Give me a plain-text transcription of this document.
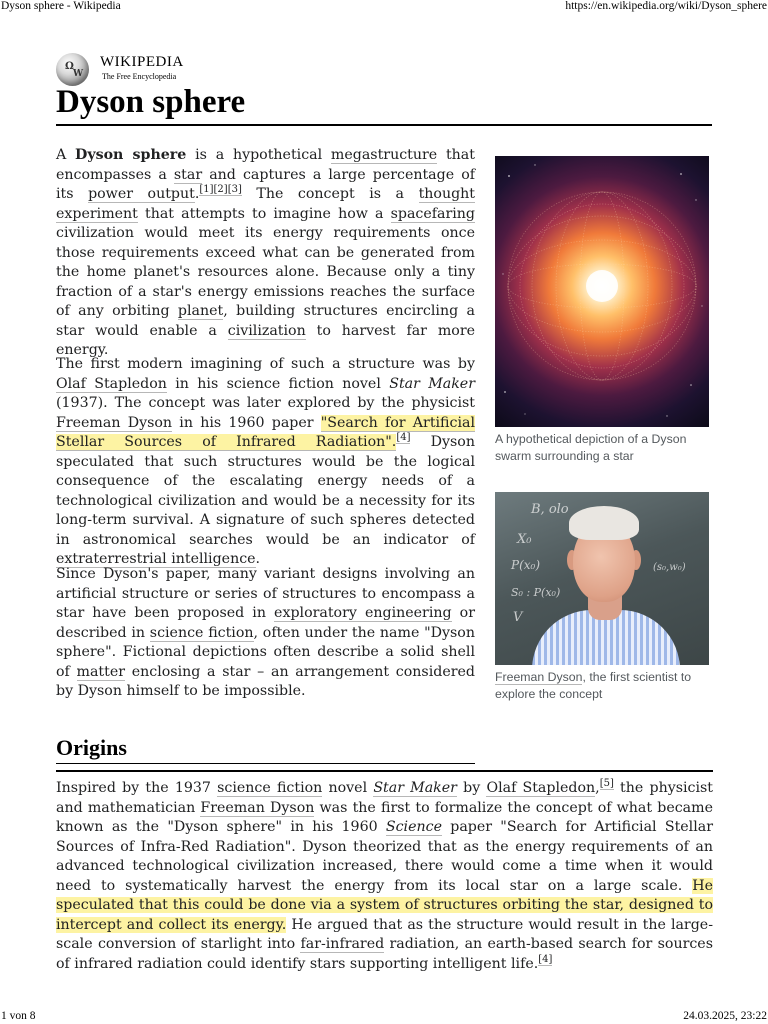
Dyson sphere - Wikipedia	https://en.wikipedia.org/wiki/Dyson_sphere
Ω
W
WIKIPEDIA
The Free Encyclopedia
Dyson sphere

A Dyson sphere is a hypothetical megastructure that encompasses a star and captures a large percentage of its power output.[1][2][3] The concept is a thought experiment that attempts to imagine how a spacefaring civilization would meet its energy requirements once those requirements exceed what can be generated from the home planet's resources alone. Because only a tiny fraction of a star's energy emissions reaches the surface of any orbiting planet, building structures encircling a star would enable a civilization to harvest far more energy.

The first modern imagining of such a structure was by Olaf Stapledon in his science fiction novel Star Maker (1937). The concept was later explored by the physicist Freeman Dyson in his 1960 paper "Search for Artificial Stellar Sources of Infrared Radiation".[4] Dyson speculated that such structures would be the logical consequence of the escalating energy needs of a technological civilization and would be a necessity for its long-term survival. A signature of such spheres detected in astronomical searches would be an indicator of extraterrestrial intelligence.

Since Dyson's paper, many variant designs involving an artificial structure or series of structures to encompass a star have been proposed in exploratory engineering or described in science fiction, often under the name "Dyson sphere". Fictional depictions often describe a solid shell of matter enclosing a star – an arrangement considered by Dyson himself to be impossible.

A hypothetical depiction of a Dyson swarm surrounding a star
B, olo
X₀
P(x₀)	(s₀,w₀)
S₀ : P(x₀)
V
Freeman Dyson, the first scientist to explore the concept
Origins

Inspired by the 1937 science fiction novel Star Maker by Olaf Stapledon,[5] the physicist and mathematician Freeman Dyson was the first to formalize the concept of what became known as the "Dyson sphere" in his 1960 Science paper "Search for Artificial Stellar Sources of Infra-Red Radiation". Dyson theorized that as the energy requirements of an advanced technological civilization increased, there would come a time when it would need to systematically harvest the energy from its local star on a large scale. He speculated that this could be done via a system of structures orbiting the star, designed to intercept and collect its energy. He argued that as the structure would result in the large-scale conversion of starlight into far-infrared radiation, an earth-based search for sources of infrared radiation could identify stars supporting intelligent life.[4]

1 von 8	24.03.2025, 23:22
